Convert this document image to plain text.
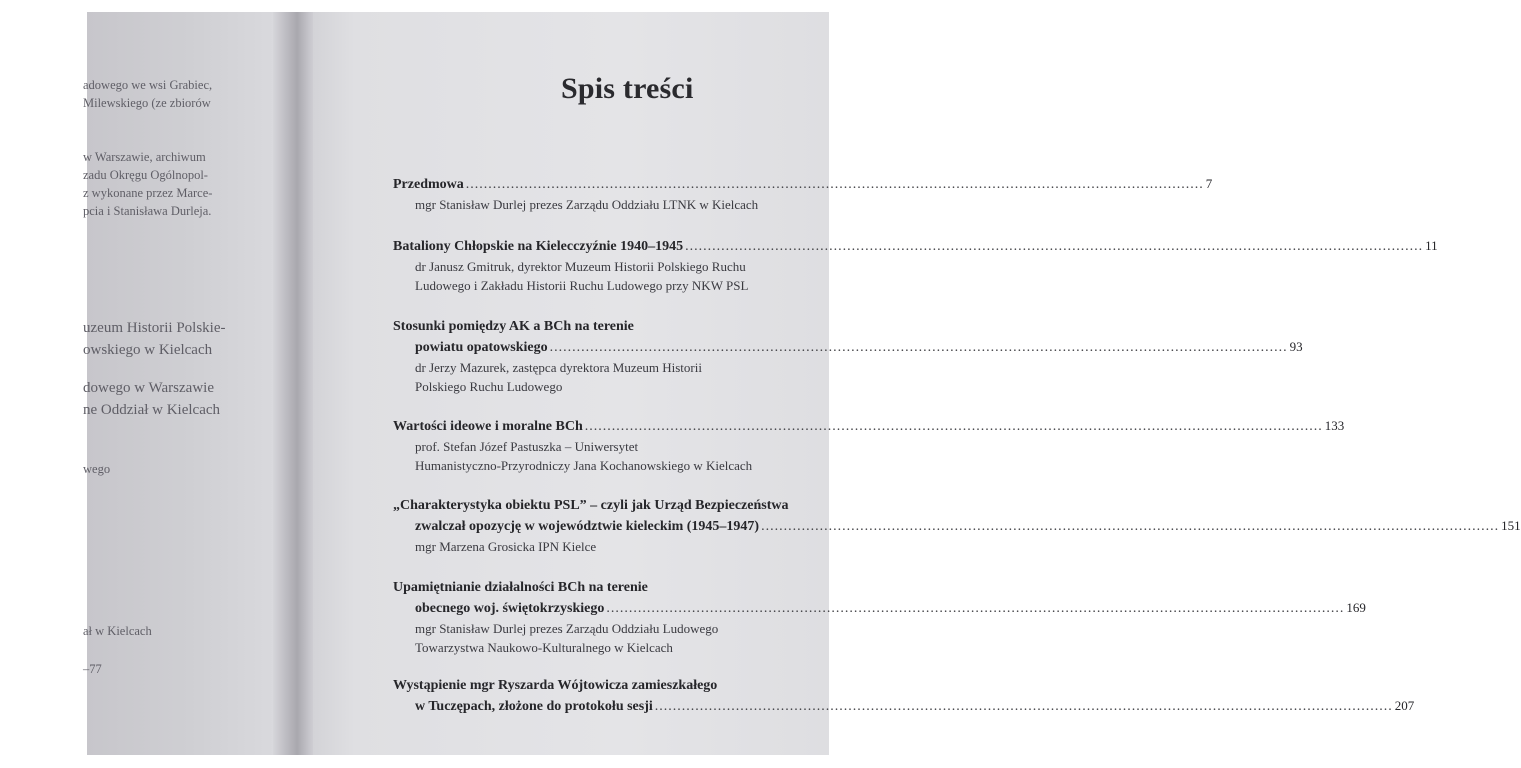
adowego we wsi Grabiec,
Milewskiego (ze zbiorów
w Warszawie, archiwum
zadu Okręgu Ogólnopol-
z wykonane przez Marce-
pcia i Stanisława Durleja.
uzeum Historii Polskie-
owskiego w Kielcach
dowego w Warszawie
ne Oddział w Kielcach
wego
ał w Kielcach
–77
Spis treści
Przedmowa .....	7
mgr Stanisław Durlej prezes Zarządu Oddziału LTNK w Kielcach
Bataliony Chłopskie na Kielecczyźnie 1940–1945 .....	11
dr Janusz Gmitruk, dyrektor Muzeum Historii Polskiego Ruchu
Ludowego i Zakładu Historii Ruchu Ludowego przy NKW PSL
Stosunki pomiędzy AK a BCh na terenie
powiatu opatowskiego .....	93
dr Jerzy Mazurek, zastępca dyrektora Muzeum Historii
Polskiego Ruchu Ludowego
Wartości ideowe i moralne BCh .....	133
prof. Stefan Józef Pastuszka – Uniwersytet
Humanistyczno-Przyrodniczy Jana Kochanowskiego w Kielcach
„Charakterystyka obiektu PSL” – czyli jak Urząd Bezpieczeństwa
zwalczał opozycję w województwie kieleckim (1945–1947) .....	151
mgr Marzena Grosicka IPN Kielce
Upamiętnianie działalności BCh na terenie
obecnego woj. świętokrzyskiego .....	169
mgr Stanisław Durlej prezes Zarządu Oddziału Ludowego
Towarzystwa Naukowo-Kulturalnego w Kielcach
Wystąpienie mgr Ryszarda Wójtowicza zamieszkałego
w Tuczępach, złożone do protokołu sesji .....	207
